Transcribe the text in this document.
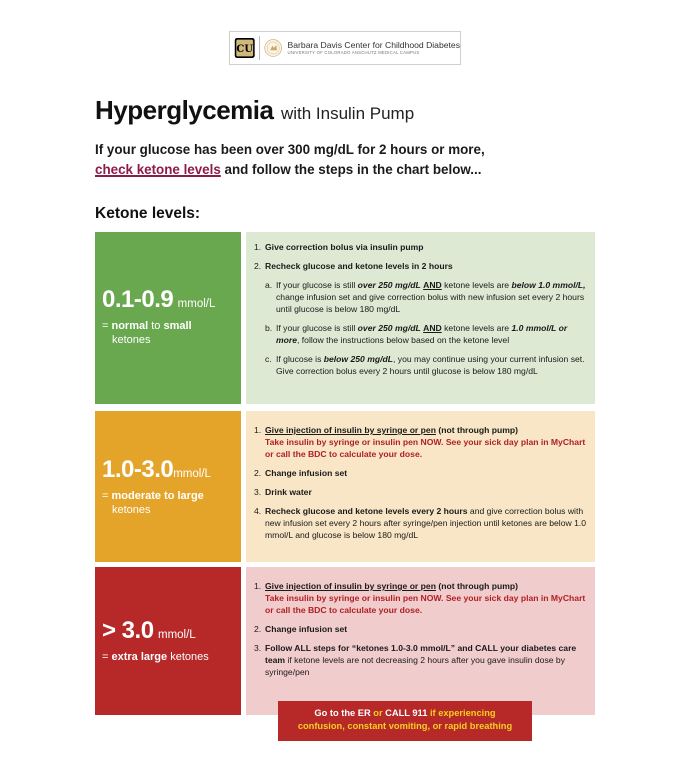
CU	Barbara Davis Center for Childhood Diabetes
UNIVERSITY OF COLORADO ANSCHUTZ MEDICAL CAMPUS
Hyperglycemia with Insulin Pump
If your glucose has been over 300 mg/dL for 2 hours or more,
check ketone levels and follow the steps in the chart below...
Ketone levels:
0.1-0.9 mmol/L
= normal to small
ketones
1. Give correction bolus via insulin pump
2. Recheck glucose and ketone levels in 2 hours
a. If your glucose is still over 250 mg/dL AND ketone levels are below 1.0 mmol/L, change infusion set and give correction bolus with new infusion set every 2 hours until glucose is below 180 mg/dL
b. If your glucose is still over 250 mg/dL AND ketone levels are 1.0 mmol/L or more, follow the instructions below based on the ketone level
c. If glucose is below 250 mg/dL, you may continue using your current infusion set. Give correction bolus every 2 hours until glucose is below 180 mg/dL
1.0-3.0mmol/L
= moderate to large
ketones
1. Give injection of insulin by syringe or pen (not through pump)
Take insulin by syringe or insulin pen NOW. See your sick day plan in MyChart or call the BDC to calculate your dose.
2. Change infusion set
3. Drink water
4. Recheck glucose and ketone levels every 2 hours and give correction bolus with new infusion set every 2 hours after syringe/pen injection until ketones are below 1.0 mmol/L and glucose is below 180 mg/dL
> 3.0 mmol/L
= extra large ketones
1. Give injection of insulin by syringe or pen (not through pump)
Take insulin by syringe or insulin pen NOW. See your sick day plan in MyChart or call the BDC to calculate your dose.
2. Change infusion set
3. Follow ALL steps for “ketones 1.0-3.0 mmol/L” and CALL your diabetes care team if ketone levels are not decreasing 2 hours after you gave insulin dose by syringe/pen
Go to the ER or CALL 911 if experiencing
confusion, constant vomiting, or rapid breathing
